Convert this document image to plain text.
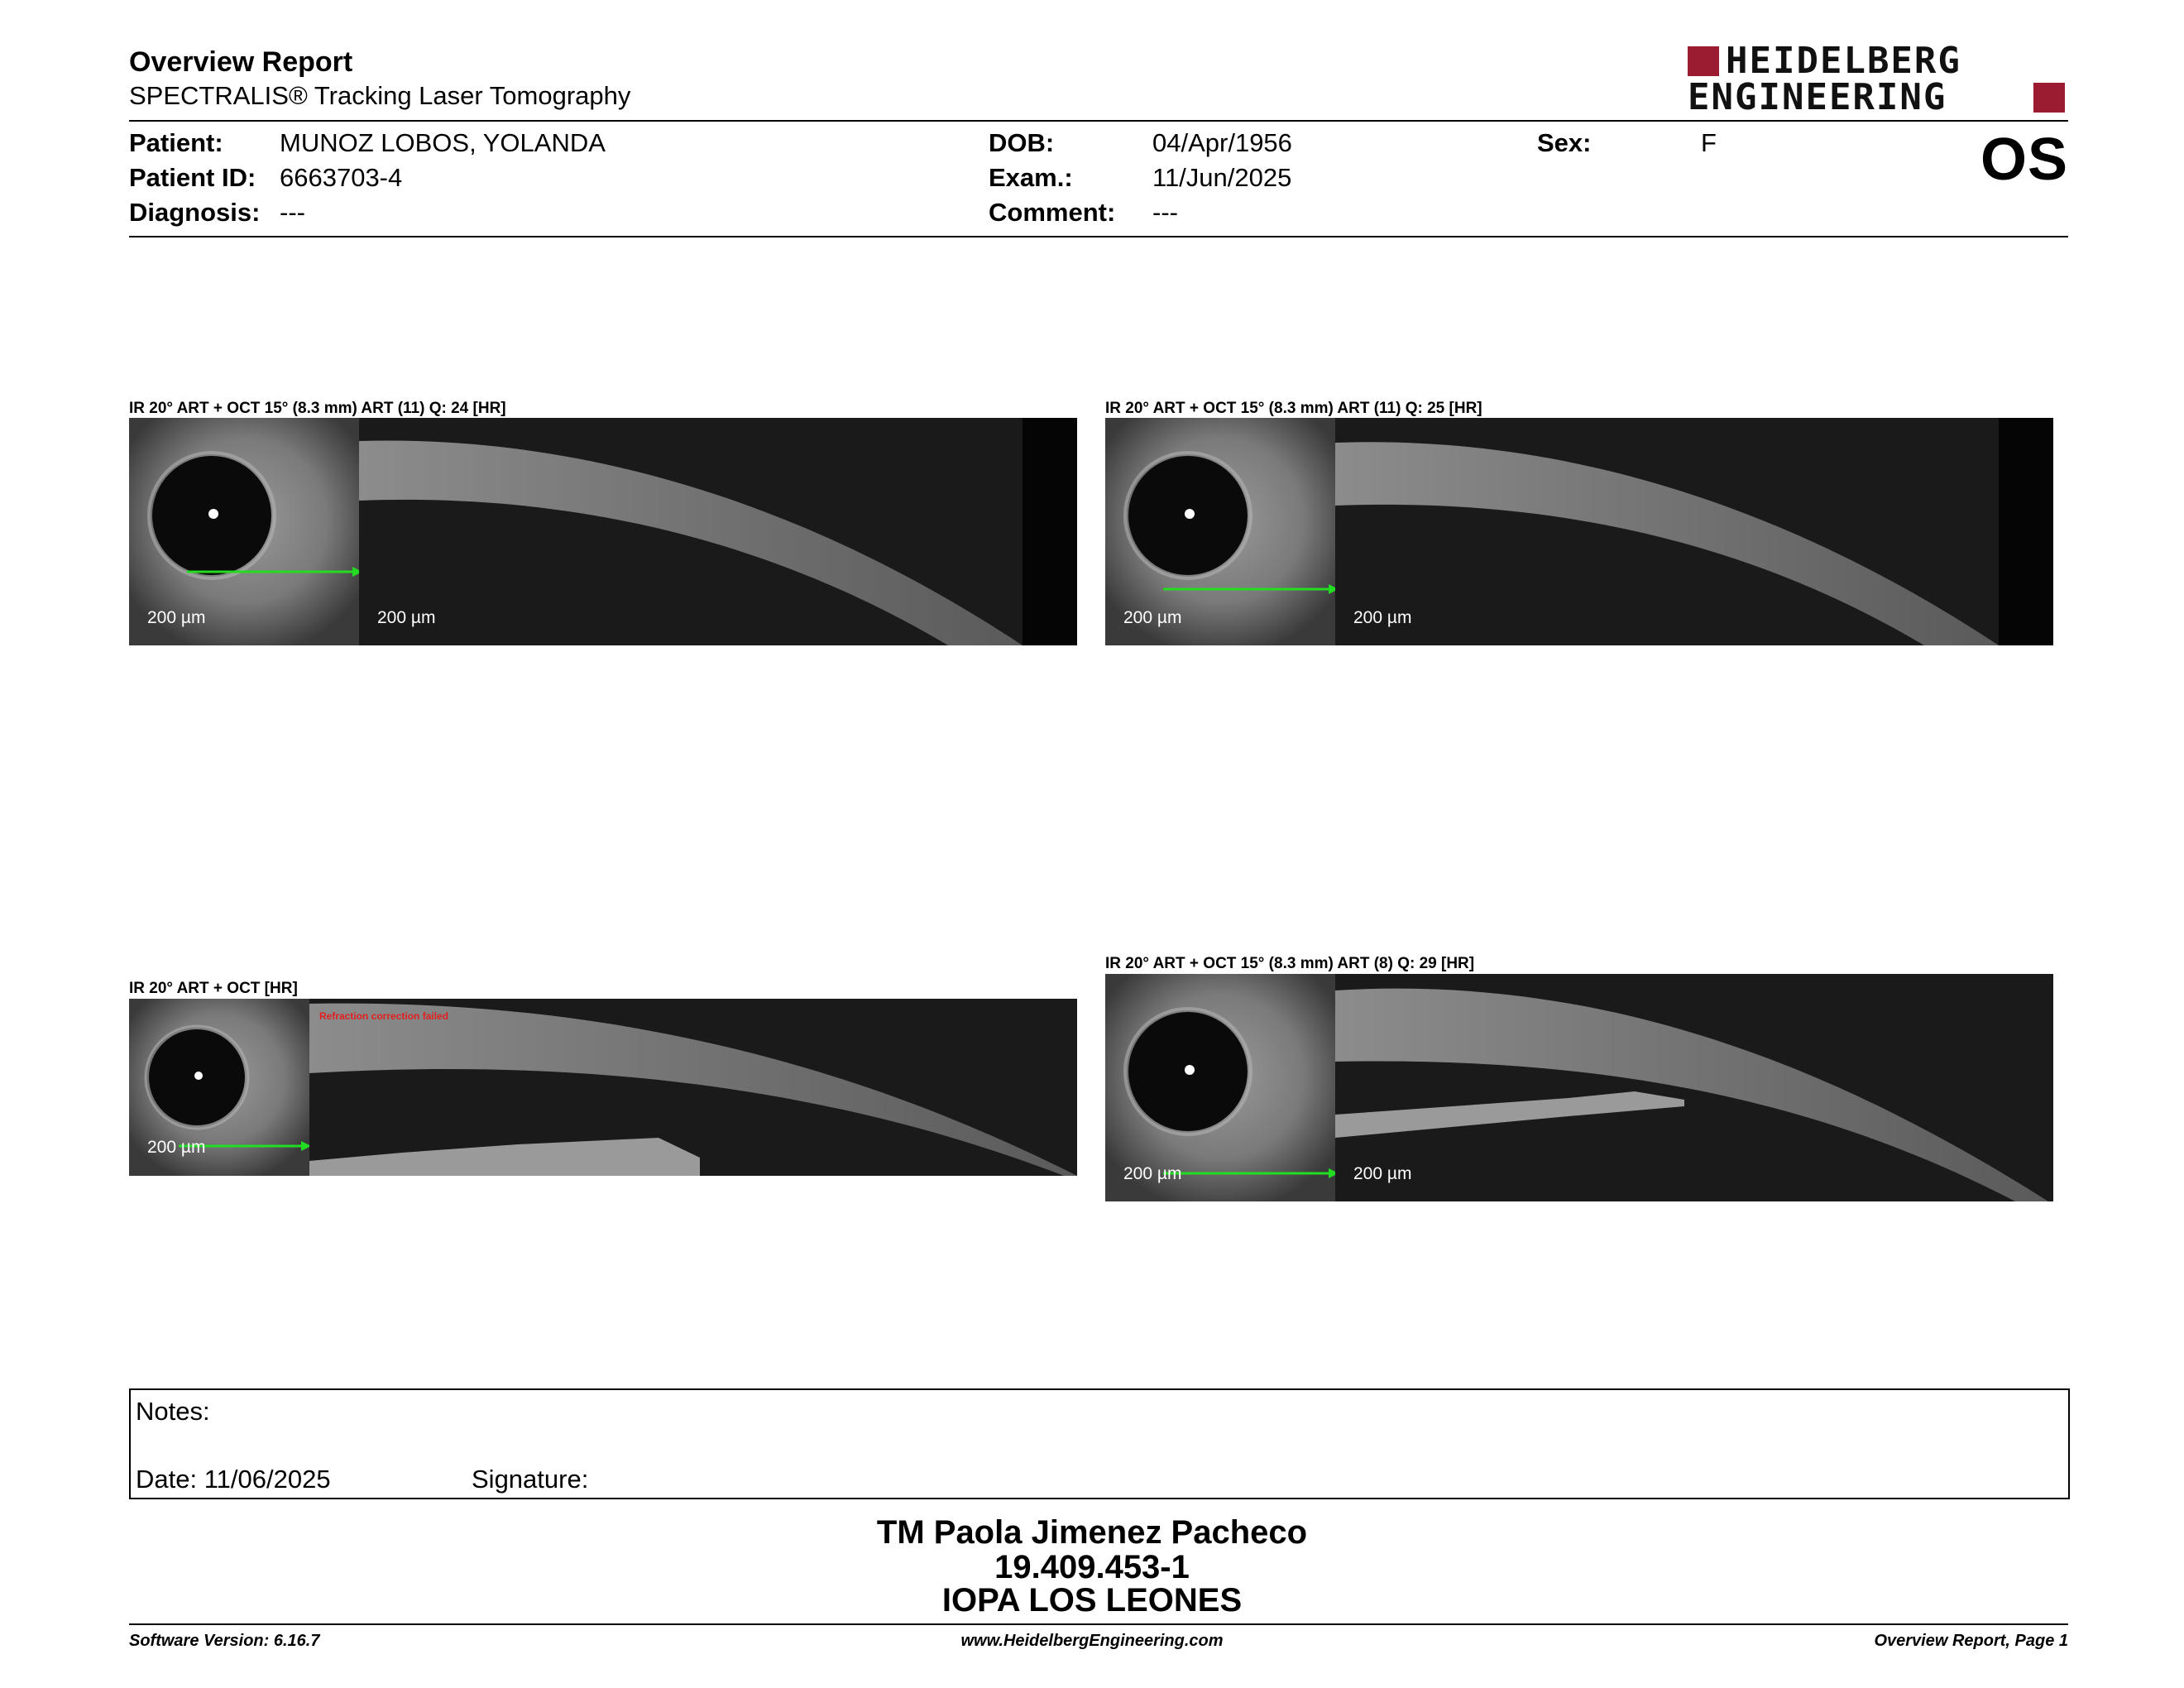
Overview Report
SPECTRALIS® Tracking Laser Tomography
HEIDELBERG
ENGINEERING
Patient: MUNOZ LOBOS, YOLANDA
Patient ID: 6663703-4
Diagnosis: ---
DOB:	04/Apr/1956
Exam.:	11/Jun/2025
Comment: ---
Sex:	F	OS
IR 20° ART + OCT 15° (8.3 mm) ART (11) Q: 24 [HR]
200 µm	200 µm
IR 20° ART + OCT 15° (8.3 mm) ART (11) Q: 25 [HR]
200 µm	200 µm
IR 20° ART + OCT [HR]
200 µm
Refraction correction failed
IR 20° ART + OCT 15° (8.3 mm) ART (8) Q: 29 [HR]
200 µm	200 µm
Notes:
Date: 11/06/2025	Signature:
TM Paola Jimenez Pacheco
19.409.453-1
IOPA LOS LEONES
Software Version: 6.16.7	www.HeidelbergEngineering.com	Overview Report, Page 1
